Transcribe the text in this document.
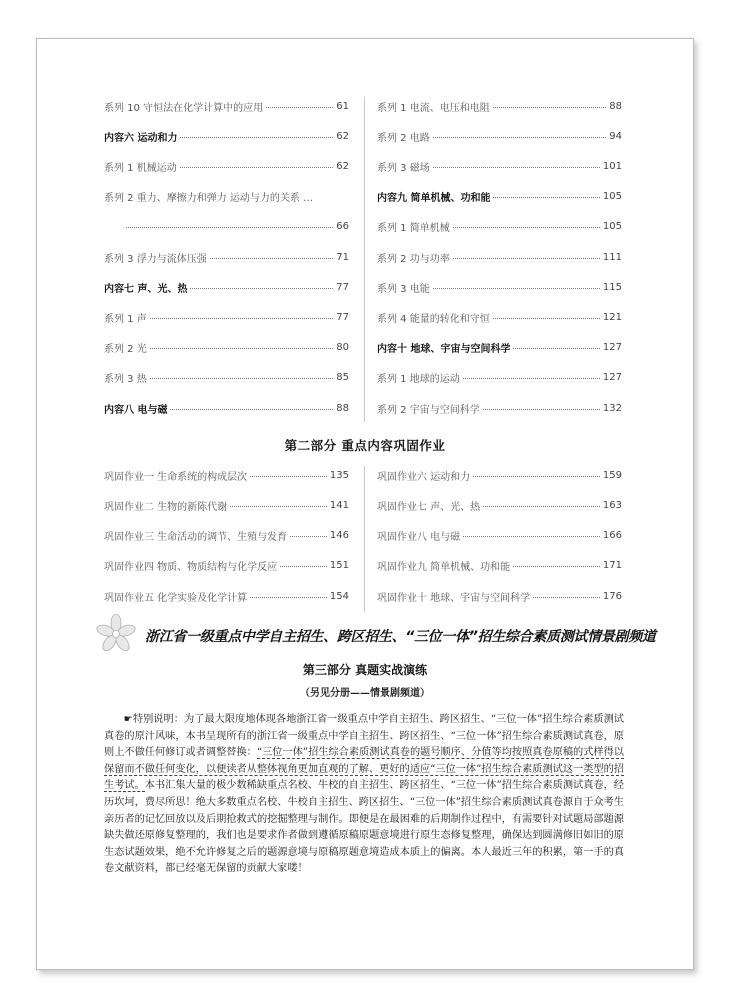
系列 10 守恒法在化学计算中的应用	61
内容六 运动和力	62
系列 1 机械运动	62
系列 2 重力、摩擦力和弹力 运动与力的关系 …
66
系列 3 浮力与流体压强	71
内容七 声、光、热	77
系列 1 声	77
系列 2 光	80
系列 3 热	85
内容八 电与磁	88
系列 1 电流、电压和电阻	88
系列 2 电路	94
系列 3 磁场	101
内容九 简单机械、功和能	105
系列 1 简单机械	105
系列 2 功与功率	111
系列 3 电能	115
系列 4 能量的转化和守恒	121
内容十 地球、宇宙与空间科学	127
系列 1 地球的运动	127
系列 2 宇宙与空间科学	132
第二部分 重点内容巩固作业
巩固作业一 生命系统的构成层次	135
巩固作业二 生物的新陈代谢	141
巩固作业三 生命活动的调节、生殖与发育	146
巩固作业四 物质、物质结构与化学反应	151
巩固作业五 化学实验及化学计算	154
巩固作业六 运动和力	159
巩固作业七 声、光、热	163
巩固作业八 电与磁	166
巩固作业九 简单机械、功和能	171
巩固作业十 地球、宇宙与空间科学	176
浙江省一级重点中学自主招生、跨区招生、“三位一体”招生综合素质测试情景剧频道
第三部分 真题实战演练
（另见分册——情景剧频道）
☛特别说明：为了最大限度地体现各地浙江省一级重点中学自主招生、跨区招生、“三位一体”招生综合素质测试真卷的原汁风味，本书呈现所有的浙江省一级重点中学自主招生、跨区招生、“三位一体”招生综合素质测试真卷，原则上不做任何修订或者调整替换：“三位一体”招生综合素质测试真卷的题号顺序、分值等均按照真卷原稿的式样得以保留而不做任何变化，以便读者从整体视角更加直观的了解、更好的适应“三位一体”招生综合素质测试这一类型的招生考试。本书汇集大量的极少数稀缺重点名校、牛校的自主招生、跨区招生、“三位一体”招生综合素质测试真卷，经历坎坷，费尽所思！绝大多数重点名校、牛校自主招生、跨区招生、“三位一体”招生综合素质测试真卷源自于众考生亲历者的记忆回放以及后期抢救式的挖掘整理与制作。即便是在最困难的后期制作过程中，有需要针对试题局部題源缺失做还原修复整理的，我们也是要求作者做到遵循原稿原题意境进行原生态修复整理，确保达到圆满修旧如旧的原生态试题效果，绝不允许修复之后的题源意境与原稿原题意境造成本质上的偏离。本人最近三年的积累，第一手的真卷文献资料，都已经毫无保留的贡献大家喽！
